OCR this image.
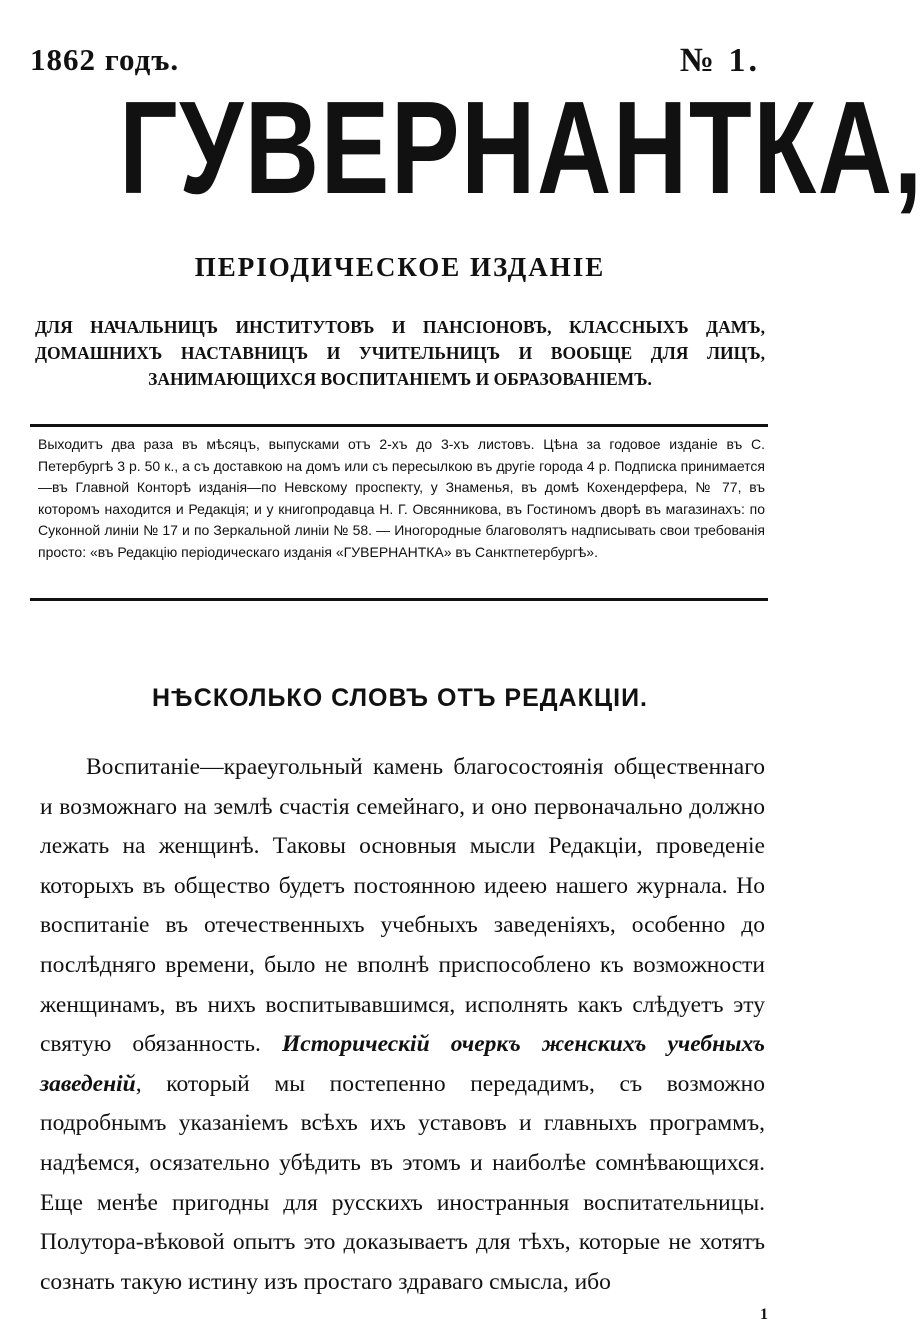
1862 годъ.	№ 1.
ГУВЕРНАНТКА,
ПЕРІОДИЧЕСКОЕ ИЗДАНІЕ
ДЛЯ НАЧАЛЬНИЦЪ ИНСТИТУТОВЪ И ПАНСІОНОВЪ, КЛАССНЫХЪ ДАМЪ, ДОМАШНИХЪ НАСТАВНИЦЪ И УЧИТЕЛЬНИЦЪ И ВООБЩЕ ДЛЯ ЛИЦЪ, ЗАНИМАЮЩИХСЯ ВОСПИТАНІЕМЪ И ОБРАЗОВАНІЕМЪ.
Выходитъ два раза въ мѣсяцъ, выпусками отъ 2-хъ до 3-хъ листовъ. Цѣна за годовое изданіе въ С. Петербургѣ 3 р. 50 к., а съ доставкою на домъ или съ пересылкою въ другіе города 4 р. Подписка принимается—въ Главной Конторѣ изданія—по Невскому проспекту, у Знаменья, въ домѣ Кохендерфера, № 77, въ которомъ находится и Редакція; и у книгопродавца Н. Г. Овсянникова, въ Гостиномъ дворѣ въ магазинахъ: по Суконной линіи № 17 и по Зеркальной линіи № 58. — Иногородные благоволятъ надписывать свои требованія просто: «въ Редакцію періодическаго изданія «ГУВЕРНАНТКА» въ Санктпетербургѣ».
НѢСКОЛЬКО СЛОВЪ ОТЪ РЕДАКЦІИ.

Воспитаніе—краеугольный камень благосостоянія общественнаго и возможнаго на землѣ счастія семейнаго, и оно первоначально должно лежать на женщинѣ. Таковы основныя мысли Редакціи, проведеніе которыхъ въ общество будетъ постоянною идеею нашего журнала. Но воспитаніе въ отечественныхъ учебныхъ заведеніяхъ, особенно до послѣдняго времени, было не вполнѣ приспособлено къ возможности женщинамъ, въ нихъ воспитывавшимся, исполнять какъ слѣдуетъ эту святую обязанность. Историческій очеркъ женскихъ учебныхъ заведеній, который мы постепенно передадимъ, съ возможно подробнымъ указаніемъ всѣхъ ихъ уставовъ и главныхъ программъ, надѣемся, осязательно убѣдить въ этомъ и наиболѣе сомнѣвающихся. Еще менѣе пригодны для русскихъ иностранныя воспитательницы. Полутора-вѣковой опытъ это доказываетъ для тѣхъ, которые не хотятъ сознать такую истину изъ простаго здраваго смысла, ибо

1
